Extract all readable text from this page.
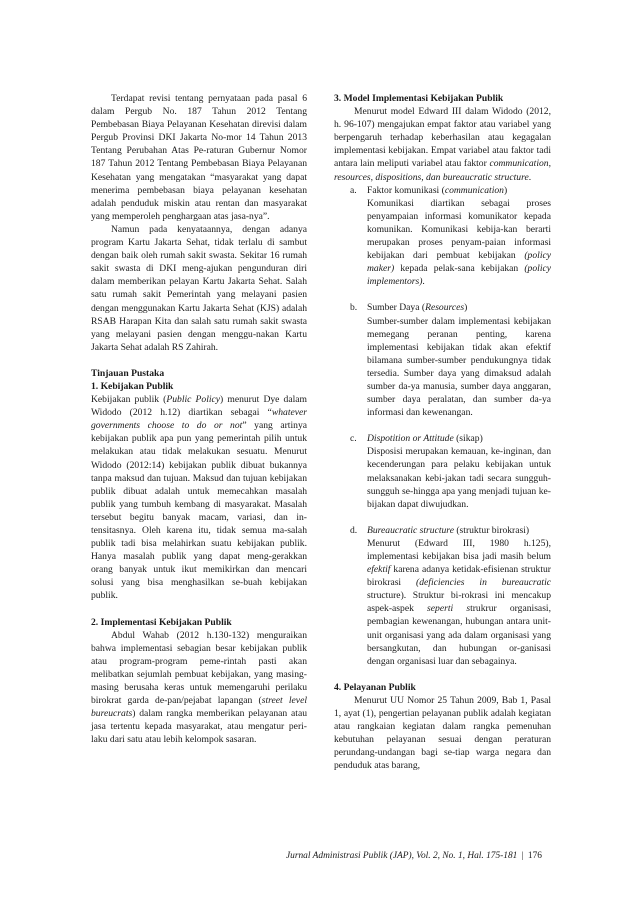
Terdapat revisi tentang pernyataan pada pasal 6 dalam Pergub No. 187 Tahun 2012 Tentang Pembebasan Biaya Pelayanan Kesehatan direvisi dalam Pergub Provinsi DKI Jakarta No-mor 14 Tahun 2013 Tentang Perubahan Atas Pe-raturan Gubernur Nomor 187 Tahun 2012 Tentang Pembebasan Biaya Pelayanan Kesehatan yang mengatakan “masyarakat yang dapat menerima pembebasan biaya pelayanan kesehatan adalah penduduk miskin atau rentan dan masyarakat yang memperoleh penghargaan atas jasa-nya”.

Namun pada kenyataannya, dengan adanya program Kartu Jakarta Sehat, tidak terlalu di sambut dengan baik oleh rumah sakit swasta. Sekitar 16 rumah sakit swasta di DKI meng-ajukan pengunduran diri dalam memberikan pelayan Kartu Jakarta Sehat. Salah satu rumah sakit Pemerintah yang melayani pasien dengan menggunakan Kartu Jakarta Sehat (KJS) adalah RSAB Harapan Kita dan salah satu rumah sakit swasta yang melayani pasien dengan menggu-nakan Kartu Jakarta Sehat adalah RS Zahirah.

Tinjauan Pustaka

1. Kebijakan Publik

Kebijakan publik (Public Policy) menurut Dye dalam Widodo (2012 h.12) diartikan sebagai “whatever governments choose to do or not” yang artinya kebijakan publik apa pun yang pemerintah pilih untuk melakukan atau tidak melakukan sesuatu. Menurut Widodo (2012:14) kebijakan publik dibuat bukannya tanpa maksud dan tujuan. Maksud dan tujuan kebijakan publik dibuat adalah untuk memecahkan masalah publik yang tumbuh kembang di masyarakat. Masalah tersebut begitu banyak macam, variasi, dan in-tensitasnya. Oleh karena itu, tidak semua ma-salah publik tadi bisa melahirkan suatu kebijakan publik. Hanya masalah publik yang dapat meng-gerakkan orang banyak untuk ikut memikirkan dan mencari solusi yang bisa menghasilkan se-buah kebijakan publik.

2. Implementasi Kebijakan Publik

Abdul Wahab (2012 h.130-132) menguraikan bahwa implementasi sebagian besar kebijakan publik atau program-program peme-rintah pasti akan melibatkan sejumlah pembuat kebijakan, yang masing-masing berusaha keras untuk memengaruhi perilaku birokrat garda de-pan/pejabat lapangan (street level bureucrats) dalam rangka memberikan pelayanan atau jasa tertentu kepada masyarakat, atau mengatur peri-laku dari satu atau lebih kelompok sasaran.

3. Model Implementasi Kebijakan Publik

Menurut model Edward III dalam Widodo (2012, h. 96-107) mengajukan empat faktor atau variabel yang berpengaruh terhadap keberhasilan atau kegagalan implementasi kebijakan. Empat variabel atau faktor tadi antara lain meliputi variabel atau faktor communication, resources, dispositions, dan bureaucratic structure.

a.	Faktor komunikasi (communication)

Komunikasi diartikan sebagai proses penyampaian informasi komunikator kepada komunikan. Komunikasi kebija-kan berarti merupakan proses penyam-paian informasi kebijakan dari pembuat kebijakan (policy maker) kepada pelak-sana kebijakan (policy implementors).

b.	Sumber Daya (Resources)

Sumber-sumber dalam implementasi kebijakan memegang peranan penting, karena implementasi kebijakan tidak akan efektif bilamana sumber-sumber pendukungnya tidak tersedia. Sumber daya yang dimaksud adalah sumber da-ya manusia, sumber daya anggaran, sumber daya peralatan, dan sumber da-ya informasi dan kewenangan.

c.	Dispotition or Attitude (sikap)

Disposisi merupakan kemauan, ke-inginan, dan kecenderungan para pelaku kebijakan untuk melaksanakan kebi-jakan tadi secara sungguh-sungguh se-hingga apa yang menjadi tujuan ke-bijakan dapat diwujudkan.

d.	Bureaucratic structure (struktur birokrasi)

Menurut (Edward III, 1980 h.125), implementasi kebijakan bisa jadi masih belum efektif karena adanya ketidak-efisienan struktur birokrasi (deficiencies in bureaucratic structure). Struktur bi-rokrasi ini mencakup aspek-aspek seperti strukrur organisasi, pembagian kewenangan, hubungan antara unit-unit organisasi yang ada dalam organisasi yang bersangkutan, dan hubungan or-ganisasi dengan organisasi luar dan sebagainya.

4. Pelayanan Publik

Menurut UU Nomor 25 Tahun 2009, Bab 1, Pasal 1, ayat (1), pengertian pelayanan publik adalah kegiatan atau rangkaian kegiatan dalam rangka pemenuhan kebutuhan pelayanan sesuai dengan peraturan perundang-undangan bagi se-tiap warga negara dan penduduk atas barang,

Jurnal Administrasi Publik (JAP), Vol. 2, No. 1, Hal. 175-181 | 176
